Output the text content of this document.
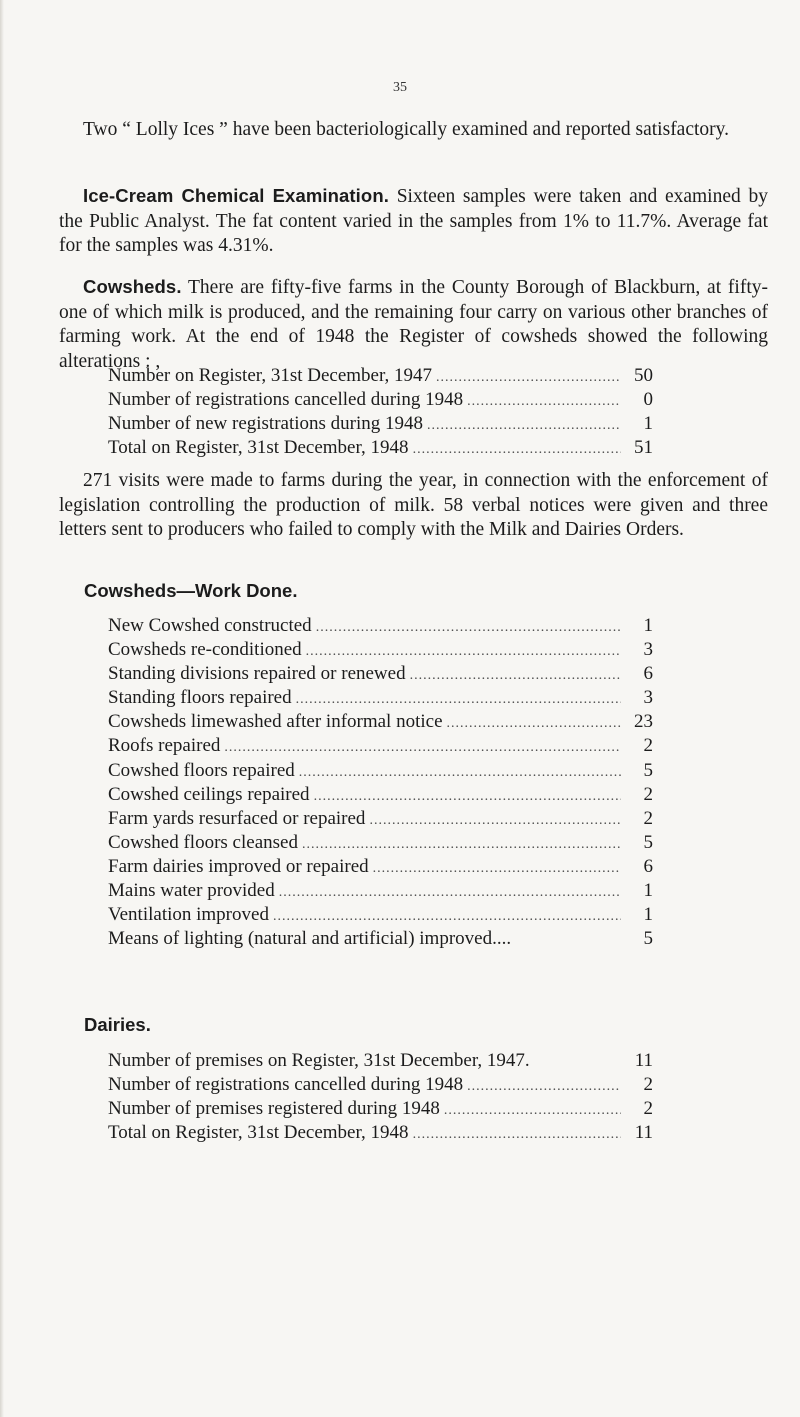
35

Two “ Lolly Ices ” have been bacteriologically examined and reported satisfactory.

Ice-Cream Chemical Examination. Sixteen samples were taken and examined by the Public Analyst. The fat content varied in the samples from 1% to 11.7%. Average fat for the samples was 4.31%.

Cowsheds. There are fifty-five farms in the County Borough of Blackburn, at fifty-one of which milk is produced, and the remaining four carry on various other branches of farming work. At the end of 1948 the Register of cowsheds showed the following alterations : ,

Number on Register, 31st December, 1947 .....	50
Number of registrations cancelled during 1948 .....	0
Number of new registrations during 1948 .....	1
Total on Register, 31st December, 1948 .....	51

271 visits were made to farms during the year, in connection with the enforcement of legislation controlling the production of milk. 58 verbal notices were given and three letters sent to producers who failed to comply with the Milk and Dairies Orders.

Cowsheds—Work Done.
New Cowshed constructed .....	1
Cowsheds re-conditioned .....	3
Standing divisions repaired or renewed .....	6
Standing floors repaired .....	3
Cowsheds limewashed after informal notice .....	23
Roofs repaired .....	2
Cowshed floors repaired .....	5
Cowshed ceilings repaired .....	2
Farm yards resurfaced or repaired .....	2
Cowshed floors cleansed .....	5
Farm dairies improved or repaired .....	6
Mains water provided .....	1
Ventilation improved .....	1
Means of lighting (natural and artificial) improved....	5
Dairies.
Number of premises on Register, 31st December, 1947.	11
Number of registrations cancelled during 1948 .....	2
Number of premises registered during 1948 .....	2
Total on Register, 31st December, 1948 .....	11
